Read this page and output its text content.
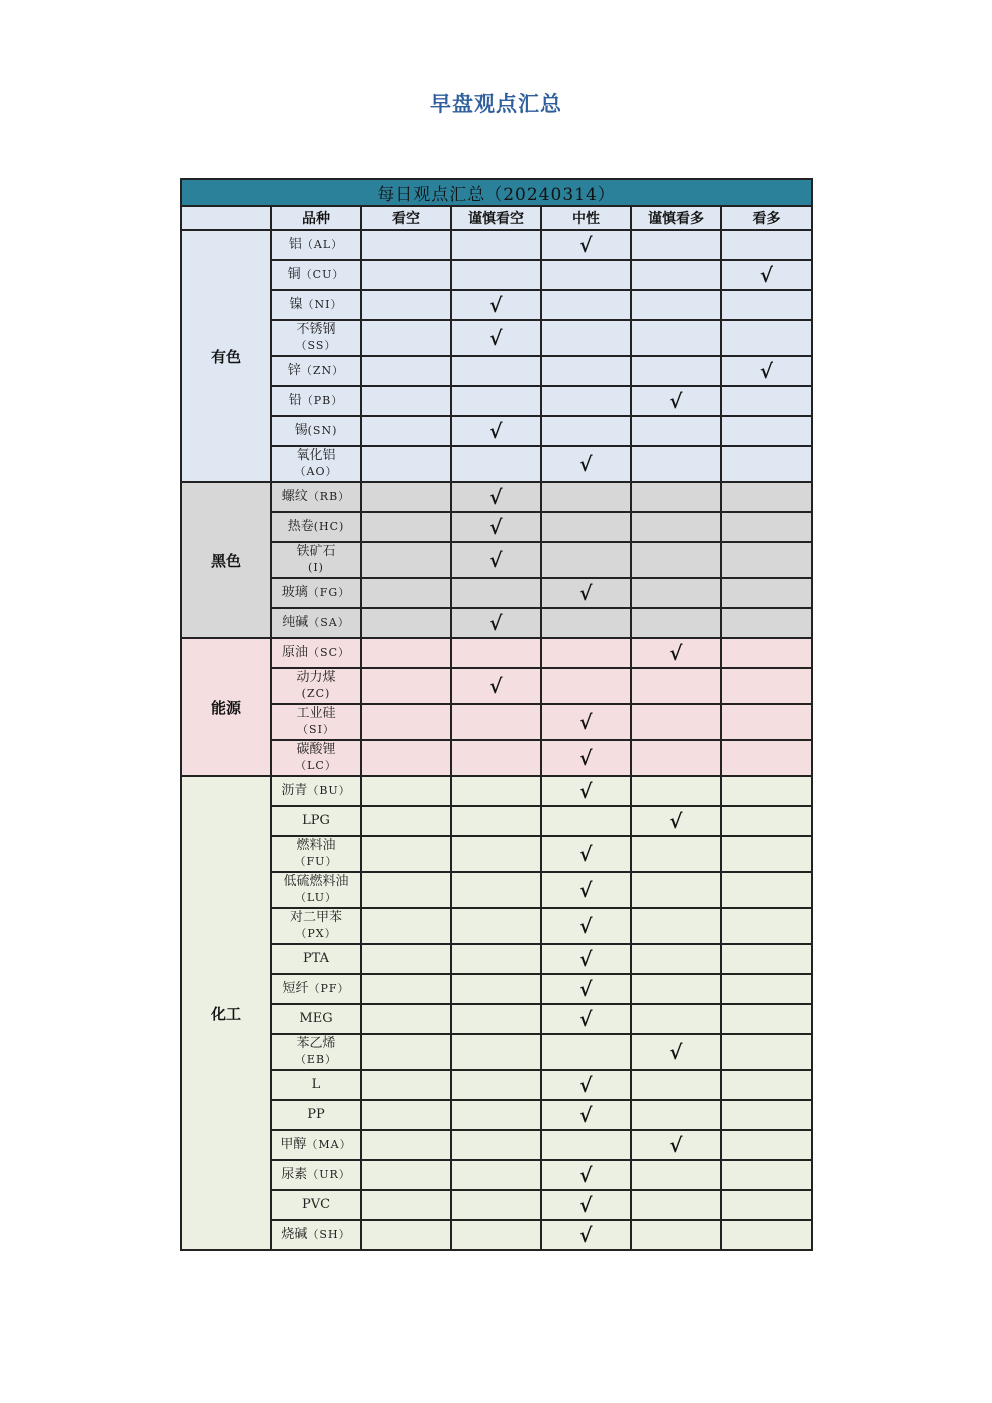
早盘观点汇总
每日观点汇总（20240314）						
	品种	看空	谨慎看空	中性	谨慎看多	看多
有色	铝（AL）			√		
	铜（CU）					√
	镍（NI）		√			
	不锈钢
（SS）		√			
	锌（ZN）					√
	铅（PB）				√	
	锡(SN)		√			
	氧化铝
（AO）			√		
黑色	螺纹（RB）		√			
	热卷(HC)		√			
	铁矿石
(I)		√			
	玻璃（FG）			√		
	纯碱（SA）		√			
能源	原油（SC）				√	
	动力煤
(ZC)		√			
	工业硅
（SI）			√		
	碳酸锂
（LC）			√		
化工	沥青（BU）			√		
	LPG				√	
	燃料油
（FU）			√		
	低硫燃料油
（LU）			√		
	对二甲苯
（PX）			√		
	PTA			√		
	短纤（PF）			√		
	MEG			√		
	苯乙烯
（EB）				√	
	L			√		
	PP			√		
	甲醇（MA）				√	
	尿素（UR）			√		
	PVC			√		
	烧碱（SH）			√		
